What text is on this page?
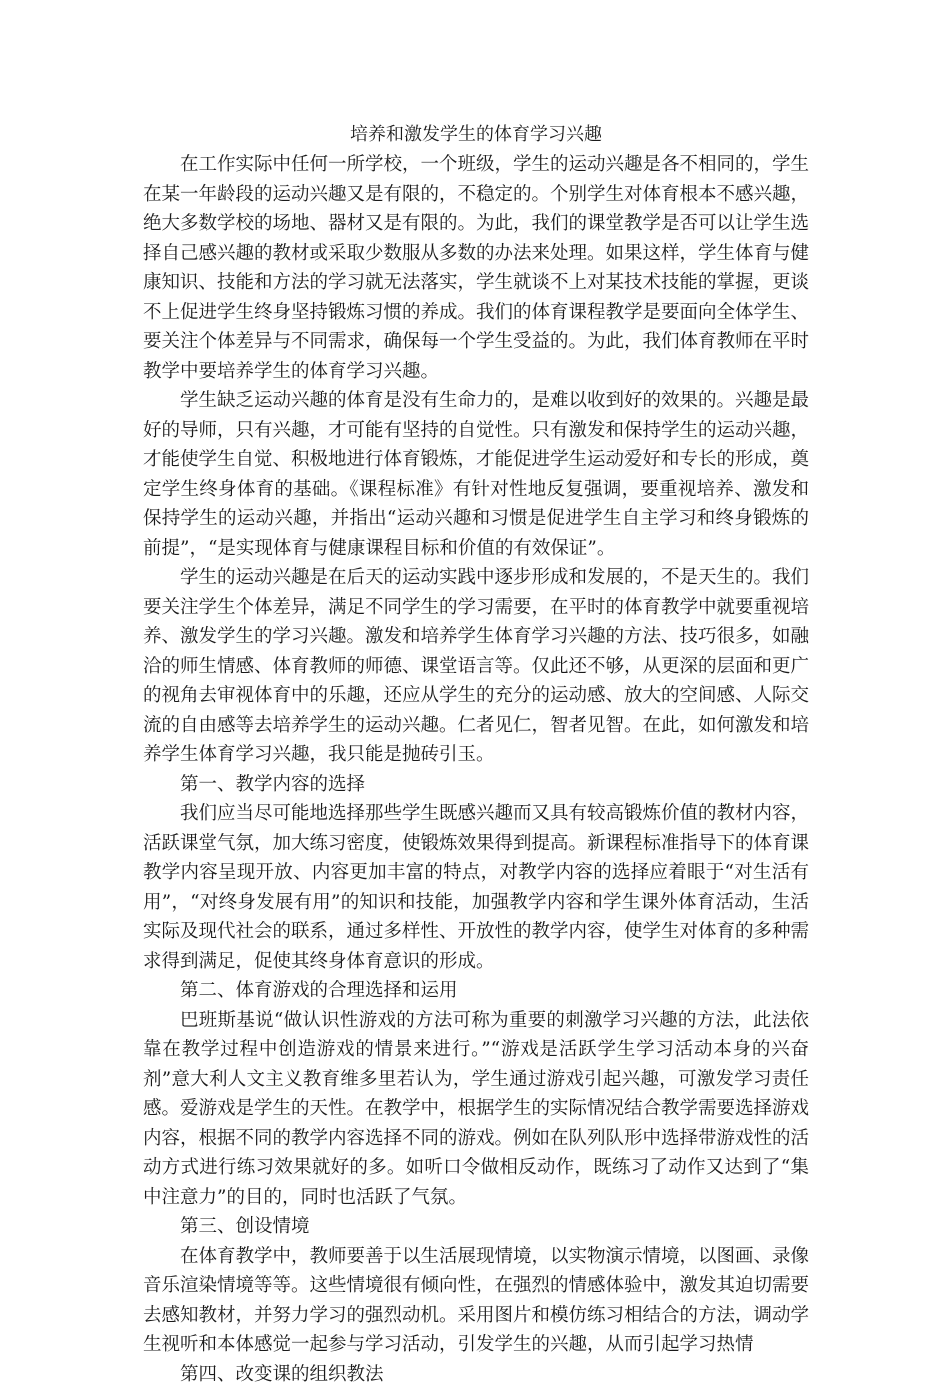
培养和激发学生的体育学习兴趣

在工作实际中任何一所学校，一个班级，学生的运动兴趣是各不相同的，学生在某一年龄段的运动兴趣又是有限的，不稳定的。个别学生对体育根本不感兴趣，绝大多数学校的场地、器材又是有限的。为此，我们的课堂教学是否可以让学生选择自己感兴趣的教材或采取少数服从多数的办法来处理。如果这样，学生体育与健康知识、技能和方法的学习就无法落实，学生就谈不上对某技术技能的掌握，更谈不上促进学生终身坚持锻炼习惯的养成。我们的体育课程教学是要面向全体学生、要关注个体差异与不同需求，确保每一个学生受益的。为此，我们体育教师在平时教学中要培养学生的体育学习兴趣。

学生缺乏运动兴趣的体育是没有生命力的，是难以收到好的效果的。兴趣是最好的导师，只有兴趣，才可能有坚持的自觉性。只有激发和保持学生的运动兴趣，才能使学生自觉、积极地进行体育锻炼，才能促进学生运动爱好和专长的形成，奠定学生终身体育的基础。《课程标准》有针对性地反复强调，要重视培养、激发和保持学生的运动兴趣，并指出“运动兴趣和习惯是促进学生自主学习和终身锻炼的前提”，“是实现体育与健康课程目标和价值的有效保证”。

学生的运动兴趣是在后天的运动实践中逐步形成和发展的，不是天生的。我们要关注学生个体差异，满足不同学生的学习需要，在平时的体育教学中就要重视培养、激发学生的学习兴趣。激发和培养学生体育学习兴趣的方法、技巧很多，如融洽的师生情感、体育教师的师德、课堂语言等。仅此还不够，从更深的层面和更广的视角去审视体育中的乐趣，还应从学生的充分的运动感、放大的空间感、人际交流的自由感等去培养学生的运动兴趣。仁者见仁，智者见智。在此，如何激发和培养学生体育学习兴趣，我只能是抛砖引玉。

第一、教学内容的选择

我们应当尽可能地选择那些学生既感兴趣而又具有较高锻炼价值的教材内容，活跃课堂气氛，加大练习密度，使锻炼效果得到提高。新课程标准指导下的体育课教学内容呈现开放、内容更加丰富的特点，对教学内容的选择应着眼于“对生活有用”，“对终身发展有用”的知识和技能，加强教学内容和学生课外体育活动，生活实际及现代社会的联系，通过多样性、开放性的教学内容，使学生对体育的多种需求得到满足，促使其终身体育意识的形成。

第二、体育游戏的合理选择和运用

巴班斯基说“做认识性游戏的方法可称为重要的刺激学习兴趣的方法，此法依靠在教学过程中创造游戏的情景来进行。”“游戏是活跃学生学习活动本身的兴奋剂”意大利人文主义教育维多里若认为，学生通过游戏引起兴趣，可激发学习责任感。爱游戏是学生的天性。在教学中，根据学生的实际情况结合教学需要选择游戏内容，根据不同的教学内容选择不同的游戏。例如在队列队形中选择带游戏性的活动方式进行练习效果就好的多。如听口令做相反动作，既练习了动作又达到了“集中注意力”的目的，同时也活跃了气氛。

第三、创设情境

在体育教学中，教师要善于以生活展现情境，以实物演示情境，以图画、录像音乐渲染情境等等。这些情境很有倾向性，在强烈的情感体验中，激发其迫切需要去感知教材，并努力学习的强烈动机。采用图片和模仿练习相结合的方法，调动学生视听和本体感觉一起参与学习活动，引发学生的兴趣，从而引起学习热情

第四、改变课的组织教法
